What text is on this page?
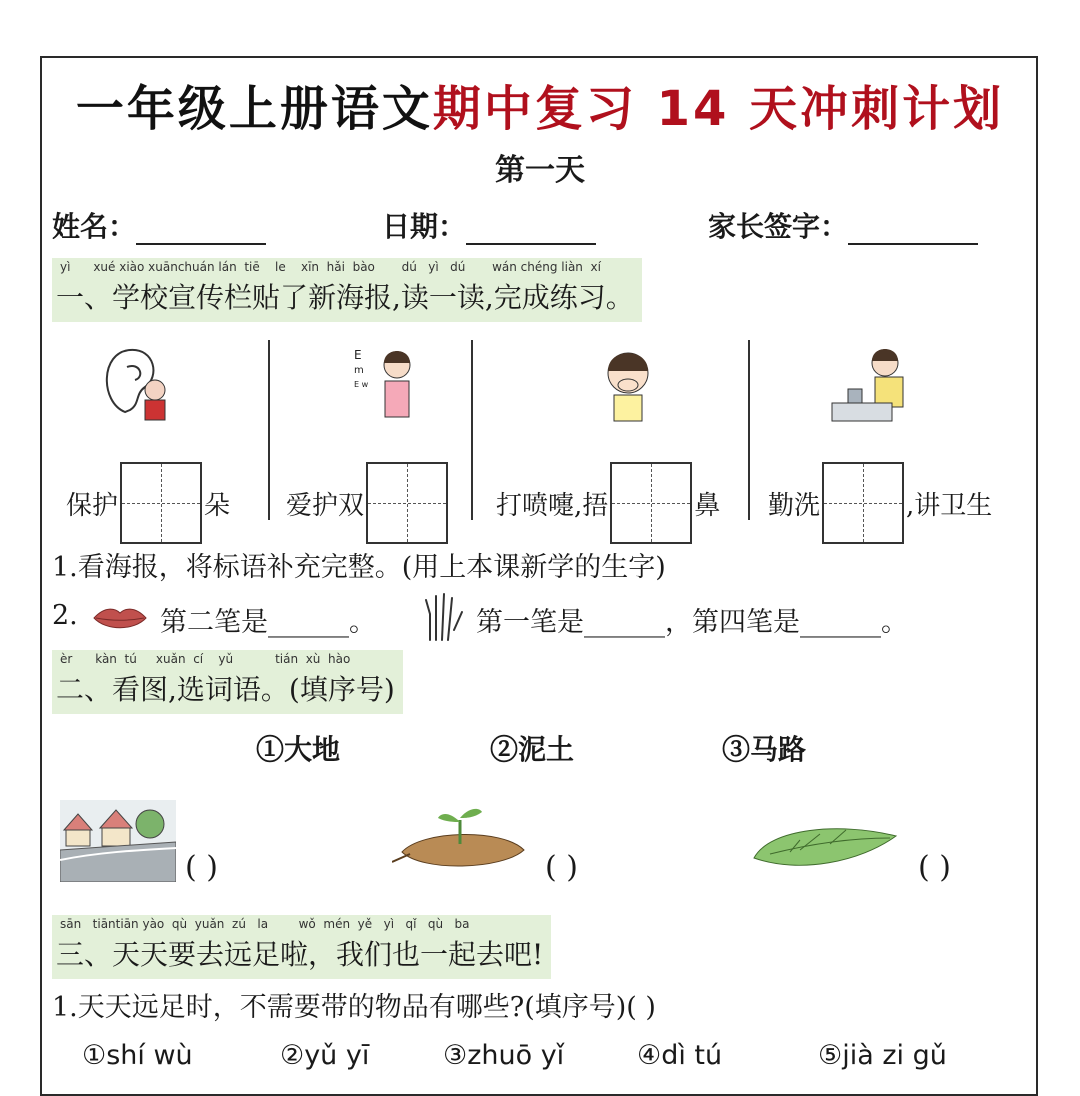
一年级上册语文期中复习 14 天冲刺计划
第一天
姓名：	日期：	家长签字：
yì      xué xiào xuānchuán lán  tiē    le    xīn  hǎi  bào       dú   yì   dú       wán chéng liàn  xí
一、学校宣传栏贴了新海报,读一读,完成练习。
E
m
E w
保护	朵 爱护双	打喷嚏,捂	鼻 勤洗	,讲卫生
1.看海报，将标语补充完整。(用上本课新学的生字)
2.	第二笔是______。	第一笔是______，第四笔是______。
èr      kàn  tú     xuǎn  cí    yǔ           tián  xù  hào
二、看图,选词语。(填序号)
①大地	②泥土	③马路
( )	( )	( )
sān   tiāntiān yào  qù  yuǎn  zú   la        wǒ  mén  yě   yì   qǐ   qù   ba
三、天天要去远足啦，我们也一起去吧!
1.天天远足时，不需要带的物品有哪些?(填序号)( )
①shí wù	②yǔ yī	③zhuō yǐ	④dì tú	⑤jià zi gǔ
